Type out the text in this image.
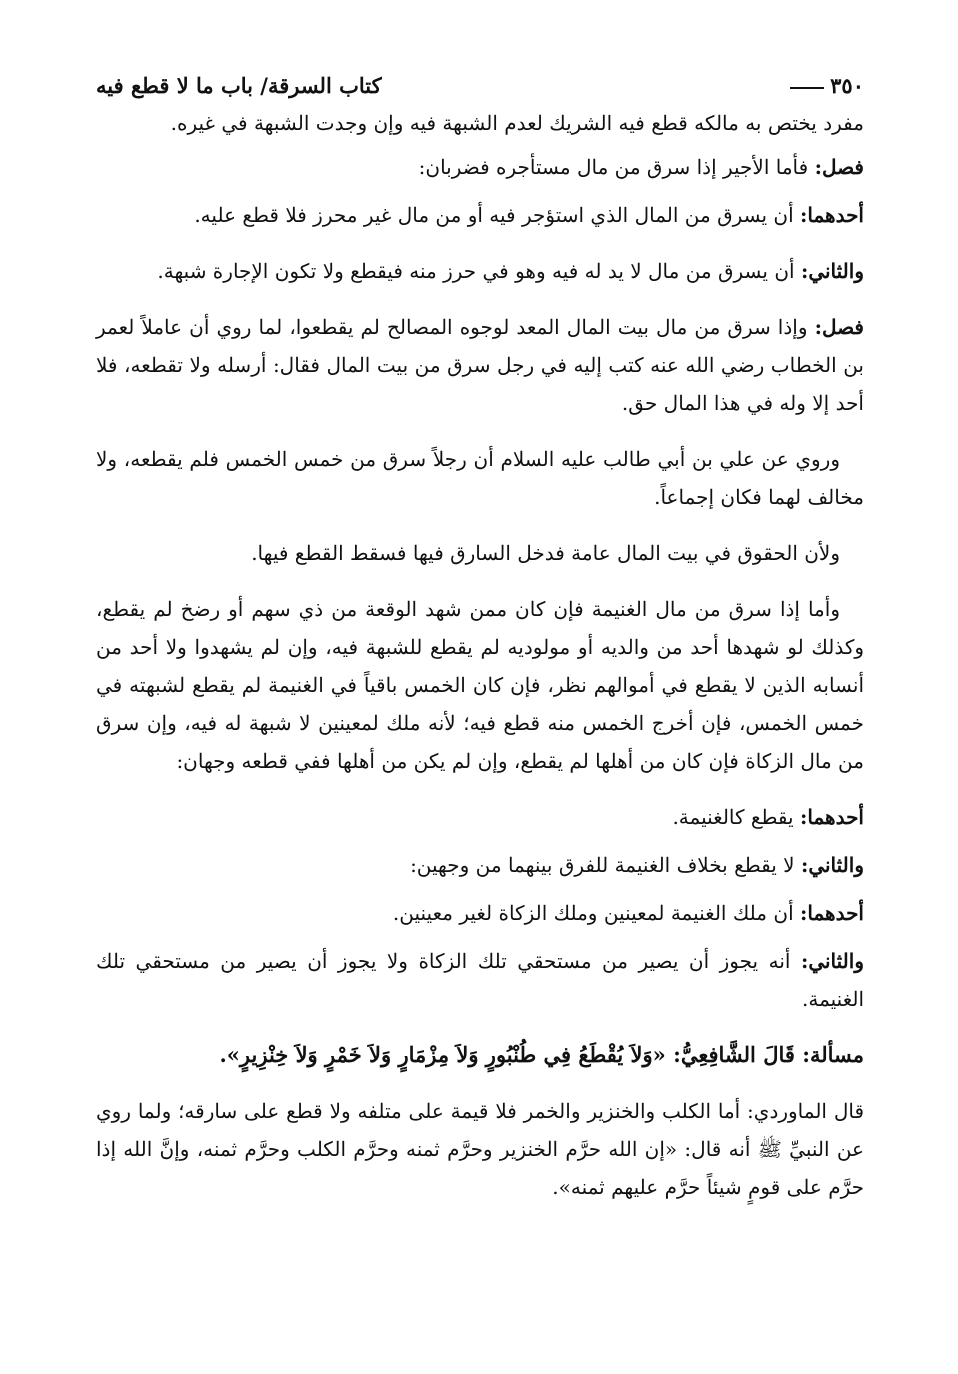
٣٥٠
كتاب السرقة/ باب ما لا قطع فيه

مفرد يختص به مالكه قطع فيه الشريك لعدم الشبهة فيه وإن وجدت الشبهة في غيره.

فصل: فأما الأجير إذا سرق من مال مستأجره فضربان:

أحدهما: أن يسرق من المال الذي استؤجر فيه أو من مال غير محرز فلا قطع عليه.

والثاني: أن يسرق من مال لا يد له فيه وهو في حرز منه فيقطع ولا تكون الإجارة شبهة.

فصل: وإذا سرق من مال بيت المال المعد لوجوه المصالح لم يقطعوا، لما روي أن عاملاً لعمر بن الخطاب رضي الله عنه كتب إليه في رجل سرق من بيت المال فقال: أرسله ولا تقطعه، فلا أحد إلا وله في هذا المال حق.

وروي عن علي بن أبي طالب عليه السلام أن رجلاً سرق من خمس الخمس فلم يقطعه، ولا مخالف لهما فكان إجماعاً.

ولأن الحقوق في بيت المال عامة فدخل السارق فيها فسقط القطع فيها.

وأما إذا سرق من مال الغنيمة فإن كان ممن شهد الوقعة من ذي سهم أو رضخ لم يقطع، وكذلك لو شهدها أحد من والديه أو مولوديه لم يقطع للشبهة فيه، وإن لم يشهدوا ولا أحد من أنسابه الذين لا يقطع في أموالهم نظر، فإن كان الخمس باقياً في الغنيمة لم يقطع لشبهته في خمس الخمس، فإن أخرج الخمس منه قطع فيه؛ لأنه ملك لمعينين لا شبهة له فيه، وإن سرق من مال الزكاة فإن كان من أهلها لم يقطع، وإن لم يكن من أهلها ففي قطعه وجهان:

أحدهما: يقطع كالغنيمة.

والثاني: لا يقطع بخلاف الغنيمة للفرق بينهما من وجهين:

أحدهما: أن ملك الغنيمة لمعينين وملك الزكاة لغير معينين.

والثاني: أنه يجوز أن يصير من مستحقي تلك الزكاة ولا يجوز أن يصير من مستحقي تلك الغنيمة.

مسألة: قَالَ الشَّافِعِيُّ: «وَلاَ يُقْطَعُ فِي طُنْبُورٍ وَلاَ مِزْمَارٍ وَلاَ خَمْرٍ وَلاَ خِنْزِيرٍ».

قال الماوردي: أما الكلب والخنزير والخمر فلا قيمة على متلفه ولا قطع على سارقه؛ ولما روي عن النبيِّ ﷺ أنه قال: «إن الله حرَّم الخنزير وحرَّم ثمنه وحرَّم الكلب وحرَّم ثمنه، وإنَّ الله إذا حرَّم على قومٍ شيئاً حرَّم عليهم ثمنه».
